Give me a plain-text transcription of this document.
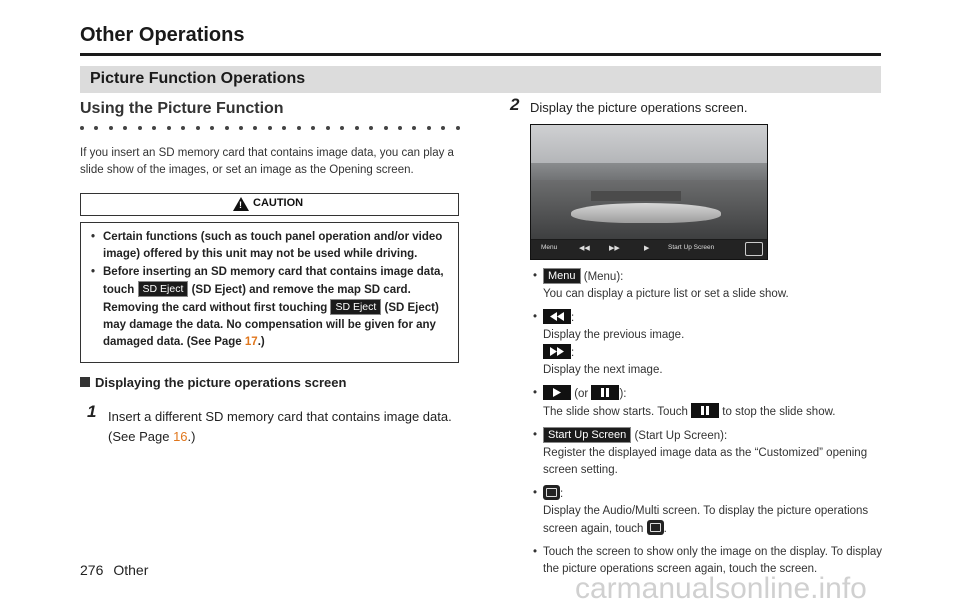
Other Operations
Picture Function Operations
Using the Picture Function
If you insert an SD memory card that contains image data, you can play a slide show of the images, or set an image as the Opening screen.
!
CAUTION
• Certain functions (such as touch panel operation and/or video image) offered by this unit may not be used while driving.
• Before inserting an SD memory card that contains image data, touch SD Eject (SD Eject) and remove the map SD card. Removing the card without first touching SD Eject (SD Eject) may damage the data. No compensation will be given for any damaged data. (See Page 17.)
Displaying the picture operations screen
1 Insert a different SD memory card that contains image data. (See Page 16.)
2 Display the picture operations screen.
Menu	◀◀	▶▶	▶	Start Up Screen
• Menu (Menu):
You can display a picture list or set a slide show.
• :
Display the previous image.

:
Display the next image.
• (or	):
The slide show starts. Touch	to stop the slide show.
• Start Up Screen (Start Up Screen):
Register the displayed image data as the “Customized” opening screen setting.
• :
Display the Audio/Multi screen. To display the picture operations screen again, touch .
• Touch the screen to show only the image on the display. To display the picture operations screen again, touch the screen.
276 Other
carmanualsonline.info
